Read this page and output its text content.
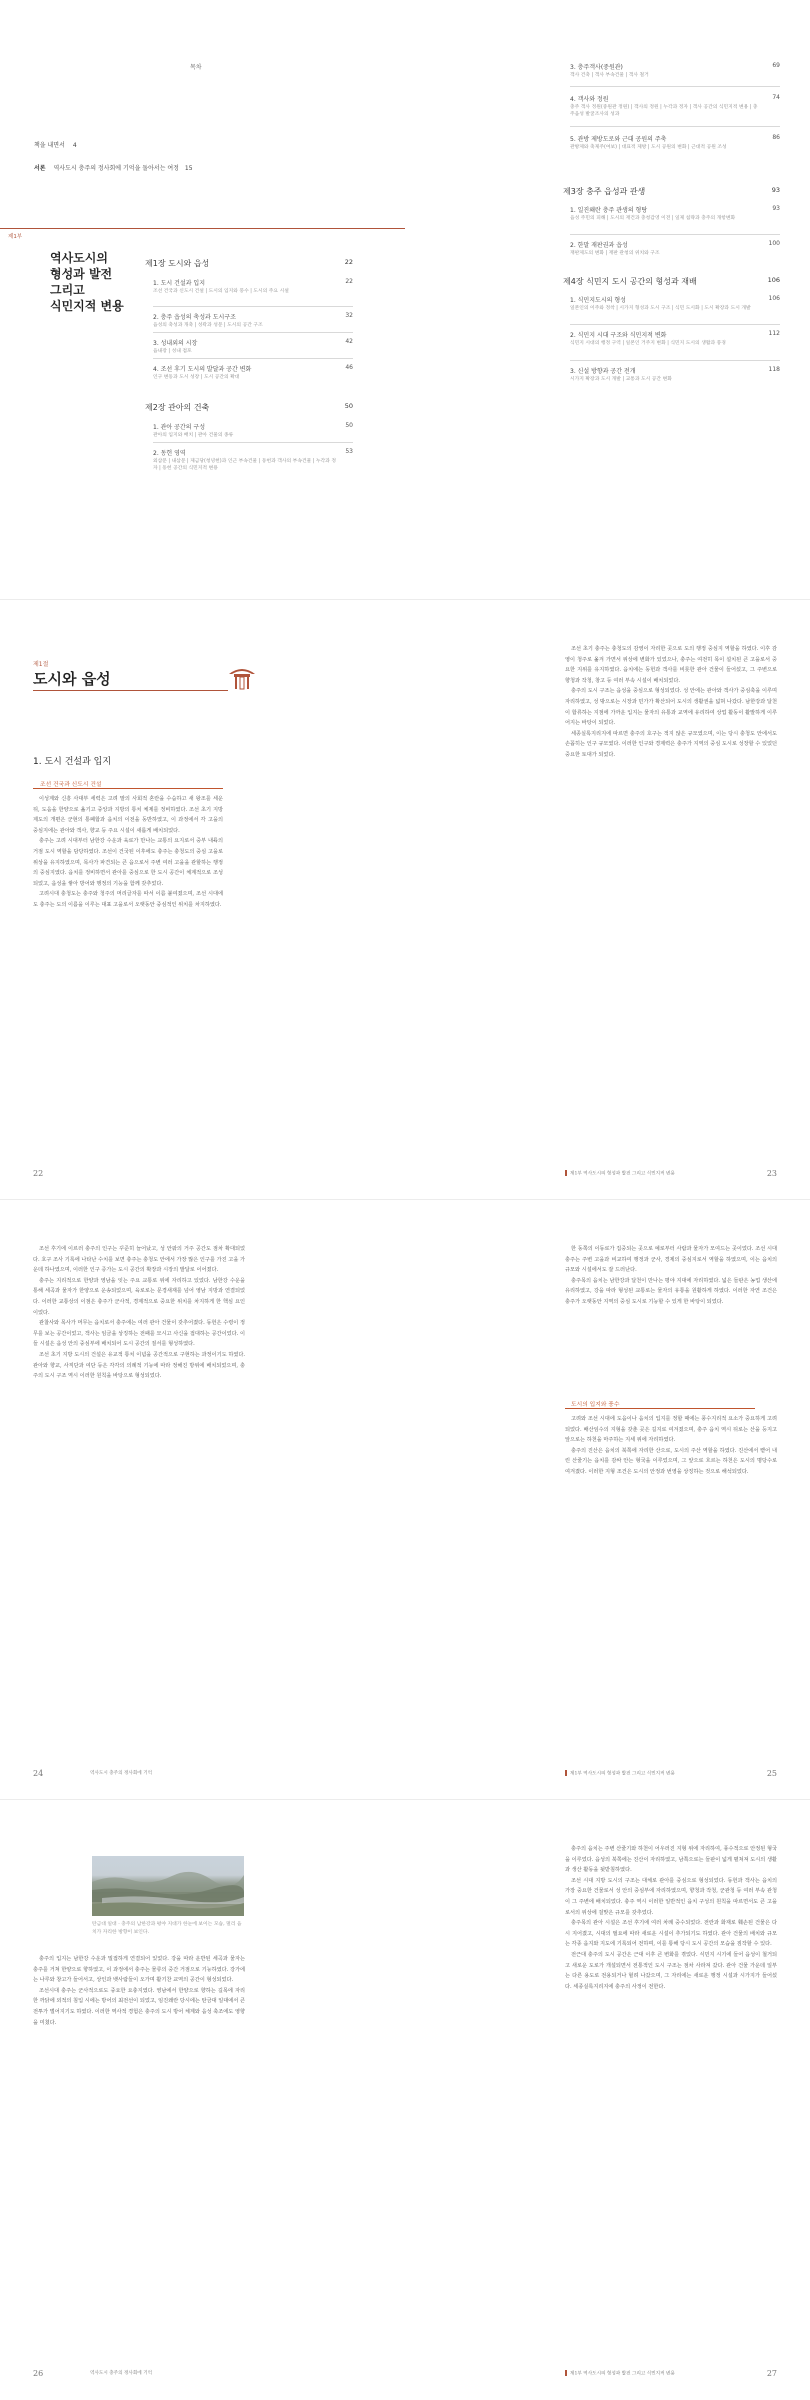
목차
책을 내면서 4
서론 역사도시 충주의 정사회에 기억을 돌아서는 여정 15
제1부
역사도시의
형성과 발전
그리고
식민지적 변용
제1장 도시와 읍성	22
1. 도시 건설과 입지	22
조선 건국과 신도시 건설 | 도시의 입지와 풍수 | 도시의 주요 시설
2. 충주 읍성의 축성과 도시구조	32
읍성의 축성과 개축 | 성곽과 성문 | 도시의 공간 구조
3. 성내외의 시장	42
읍내장 | 성내 점포
4. 조선 후기 도시의 발달과 공간 변화	46
인구 변동과 도시 성장 | 도시 공간의 확대
제2장 관아의 건축	50
1. 관아 공간의 구성	50
관아의 입지와 배치 | 관아 건물의 종류
2. 동헌 영역	53
외삼문 | 내삼문 | 제금당(청녕헌)과 인근 부속건물 | 동헌과 객사의 부속건물 | 누각과 정자 | 동헌 공간의 식민지적 변용
3. 충주객사(중원관)	69
객사 건축 | 객사 부속건물 | 객사 철거
4. 객사와 정원	74
충주 객사 정원(중원관 정원) | 객사의 정원 | 누각과 정자 | 객사 공간의 식민지적 변용 | 충주읍성 발굴조사의 성과
5. 관방 제방도로와 근대 공원의 주축	86
관방제와 축제주(여보) | 대표적 제방 | 도시 공원의 변화 | 근대적 공원 조성
제3장 충주 읍성과 관생	93
1. 일진왜란 충주 관생의 형탕	93
읍성 주민의 피해 | 도시의 재건과 충청감영 이전 | 일제 침략과 충주의 개항변화
2. 한말 재판권과 읍성	100
재판제도의 변화 | 재판 관청의 위치와 구조
제4장 식민지 도시 공간의 형성과 재배	106
1. 식민지도시의 형성	106
일본인의 이주와 정착 | 시가지 형성과 도시 구조 | 식민 도시화 | 도시 확장과 도시 개발
2. 식민지 시대 구조와 식민지적 변화	112
식민지 시대의 행정 구역 | 일본인 거주지 변화 | 식민지 도시의 생활과 풍경
3. 신설 방향과 공간 전개	118
시가지 확장과 도시 개발 | 교통과 도시 공간 변화
제1절
도시와 읍성
1. 도시 건설과 입지
조선 건국과 신도시 건설

이성계와 신흥 사대부 세력은 고려 말의 사회적 혼란을 수습하고 새 왕조를 세운 뒤, 도읍을 한양으로 옮기고 중앙과 지방의 통치 체제를 정비하였다. 조선 초기 지방 제도의 개편은 군현의 통폐합과 읍치의 이전을 동반하였고, 이 과정에서 각 고을의 중심지에는 관아와 객사, 향교 등 주요 시설이 새롭게 배치되었다.

충주는 고려 시대부터 남한강 수운과 육로가 만나는 교통의 요지로서 중부 내륙의 거점 도시 역할을 담당하였다. 조선이 건국된 이후에도 충주는 충청도의 중심 고을로 위상을 유지하였으며, 목사가 파견되는 큰 읍으로서 주변 여러 고을을 관할하는 행정의 중심지였다. 읍치를 정비하면서 관아를 중심으로 한 도시 공간이 체계적으로 조성되었고, 읍성을 쌓아 방어와 행정의 기능을 함께 갖추었다.

고려시대 충청도는 충주와 청주의 머리글자를 따서 이름 붙여졌으며, 조선 시대에도 충주는 도의 이름을 이루는 대표 고을로서 오랫동안 중심적인 위치를 차지하였다.

22

조선 초기 충주는 충청도의 감영이 자리한 곳으로 도의 행정 중심지 역할을 하였다. 이후 감영이 청주로 옮겨 가면서 위상에 변화가 있었으나, 충주는 여전히 목이 설치된 큰 고을로서 중요한 지위를 유지하였다. 읍치에는 동헌과 객사를 비롯한 관아 건물이 들어섰고, 그 주변으로 향청과 작청, 창고 등 여러 부속 시설이 배치되었다.

충주의 도시 구조는 읍성을 중심으로 형성되었다. 성 안에는 관아와 객사가 중심축을 이루며 자리하였고, 성 밖으로는 시장과 민가가 확산되어 도시의 생활권을 넓혀 나갔다. 남한강과 달천이 합류하는 지점에 가까운 입지는 물자의 유통과 교역에 유리하여 상업 활동이 활발하게 이루어지는 바탕이 되었다.

세종실록지리지에 따르면 충주의 호구는 적지 않은 규모였으며, 이는 당시 충청도 안에서도 손꼽히는 인구 규모였다. 이러한 인구와 경제력은 충주가 지역의 중심 도시로 성장할 수 있었던 중요한 토대가 되었다.

제1부 역사도시의 형성과 발전 그리고 식민지적 변용	23

조선 후기에 이르러 충주의 인구는 꾸준히 늘어났고, 성 안팎의 거주 공간도 점차 확대되었다. 호구 조사 기록에 나타난 수치를 보면 충주는 충청도 안에서 가장 많은 인구를 가진 고을 가운데 하나였으며, 이러한 인구 증가는 도시 공간의 확장과 시장의 발달로 이어졌다.

충주는 지리적으로 한양과 영남을 잇는 주요 교통로 위에 자리하고 있었다. 남한강 수운을 통해 세곡과 물자가 한양으로 운송되었으며, 육로로는 문경새재를 넘어 영남 지방과 연결되었다. 이러한 교통상의 이점은 충주가 군사적, 경제적으로 중요한 위치를 차지하게 한 핵심 요인이었다.

관찰사와 목사가 머무는 읍치로서 충주에는 여러 관아 건물이 갖추어졌다. 동헌은 수령이 정무를 보는 공간이었고, 객사는 임금을 상징하는 전패를 모시고 사신을 접대하는 공간이었다. 이들 시설은 읍성 안의 중심부에 배치되어 도시 공간의 질서를 형성하였다.

조선 초기 지방 도시의 건설은 유교적 통치 이념을 공간적으로 구현하는 과정이기도 하였다. 관아와 향교, 사직단과 여단 등은 각각의 의례적 기능에 따라 정해진 방위에 배치되었으며, 충주의 도시 구조 역시 이러한 원칙을 바탕으로 형성되었다.

24	역사도시 충주의 정사회에 기억

한 동쪽의 이동로가 집중되는 곳으로 예로부터 사람과 물자가 모여드는 곳이었다. 조선 시대 충주는 주변 고을과 비교하여 행정과 군사, 경제의 중심지로서 역할을 하였으며, 이는 읍치의 규모와 시설에서도 잘 드러난다.

충주목의 읍치는 남한강과 달천이 만나는 평야 지대에 자리하였다. 넓은 들판은 농업 생산에 유리하였고, 강을 따라 형성된 교통로는 물자의 유통을 원활하게 하였다. 이러한 자연 조건은 충주가 오랫동안 지역의 중심 도시로 기능할 수 있게 한 바탕이 되었다.

도시의 입지와 풍수

고려와 조선 시대에 도읍이나 읍치의 입지를 정할 때에는 풍수지리적 요소가 중요하게 고려되었다. 배산임수의 지형을 갖춘 곳은 길지로 여겨졌으며, 충주 읍치 역시 뒤로는 산을 등지고 앞으로는 하천을 마주하는 지세 위에 자리하였다.

충주의 진산은 읍치의 북쪽에 자리한 산으로, 도시의 주산 역할을 하였다. 진산에서 뻗어 내린 산줄기는 읍치를 감싸 안는 형국을 이루었으며, 그 앞으로 흐르는 하천은 도시의 명당수로 여겨졌다. 이러한 지형 조건은 도시의 안정과 번영을 상징하는 것으로 해석되었다.

제1부 역사도시의 형성과 발전 그리고 식민지적 변용	25
탄금대 일대 · 충주의 남한강과 평야 지대가 한눈에 보이는 모습, 멀리 읍치가 자리한 방향이 보인다.

충주의 입지는 남한강 수운과 밀접하게 연결되어 있었다. 강을 따라 운반된 세곡과 물자는 충주를 거쳐 한양으로 향하였고, 이 과정에서 충주는 물류의 중간 거점으로 기능하였다. 강가에는 나루와 창고가 들어서고, 상인과 뱃사람들이 오가며 활기찬 교역의 공간이 형성되었다.

조선시대 충주는 군사적으로도 중요한 요충지였다. 영남에서 한양으로 향하는 길목에 자리한 까닭에 외적의 침입 시에는 방어의 최전선이 되었고, 임진왜란 당시에는 탄금대 일대에서 큰 전투가 벌어지기도 하였다. 이러한 역사적 경험은 충주의 도시 방어 체계와 읍성 축조에도 영향을 미쳤다.

26	역사도시 충주의 정사회에 기억

충주의 읍치는 주변 산줄기와 하천이 어우러진 지형 위에 자리하여, 풍수적으로 안정된 형국을 이루었다. 읍성의 북쪽에는 진산이 자리하였고, 남쪽으로는 들판이 넓게 펼쳐져 도시의 생활과 생산 활동을 뒷받침하였다.

조선 시대 지방 도시의 구조는 대체로 관아를 중심으로 형성되었다. 동헌과 객사는 읍치의 가장 중요한 건물로서 성 안의 중심부에 자리하였으며, 향청과 작청, 군관청 등 여러 부속 관청이 그 주변에 배치되었다. 충주 역시 이러한 일반적인 읍치 구성의 원칙을 따르면서도 큰 고을로서의 위상에 걸맞은 규모를 갖추었다.

충주목의 관아 시설은 조선 후기에 여러 차례 중수되었다. 전란과 화재로 훼손된 건물은 다시 지어졌고, 시대의 필요에 따라 새로운 시설이 추가되기도 하였다. 관아 건물의 배치와 규모는 각종 읍지와 지도에 기록되어 전하며, 이를 통해 당시 도시 공간의 모습을 짐작할 수 있다.

전근대 충주의 도시 공간은 근대 이후 큰 변화를 겪었다. 식민지 시기에 들어 읍성이 철거되고 새로운 도로가 개설되면서 전통적인 도시 구조는 점차 사라져 갔다. 관아 건물 가운데 일부는 다른 용도로 전용되거나 헐려 나갔으며, 그 자리에는 새로운 행정 시설과 시가지가 들어섰다. 세종실록지리지에 충주의 사정이 전한다.

제1부 역사도시의 형성과 발전 그리고 식민지적 변용	27
